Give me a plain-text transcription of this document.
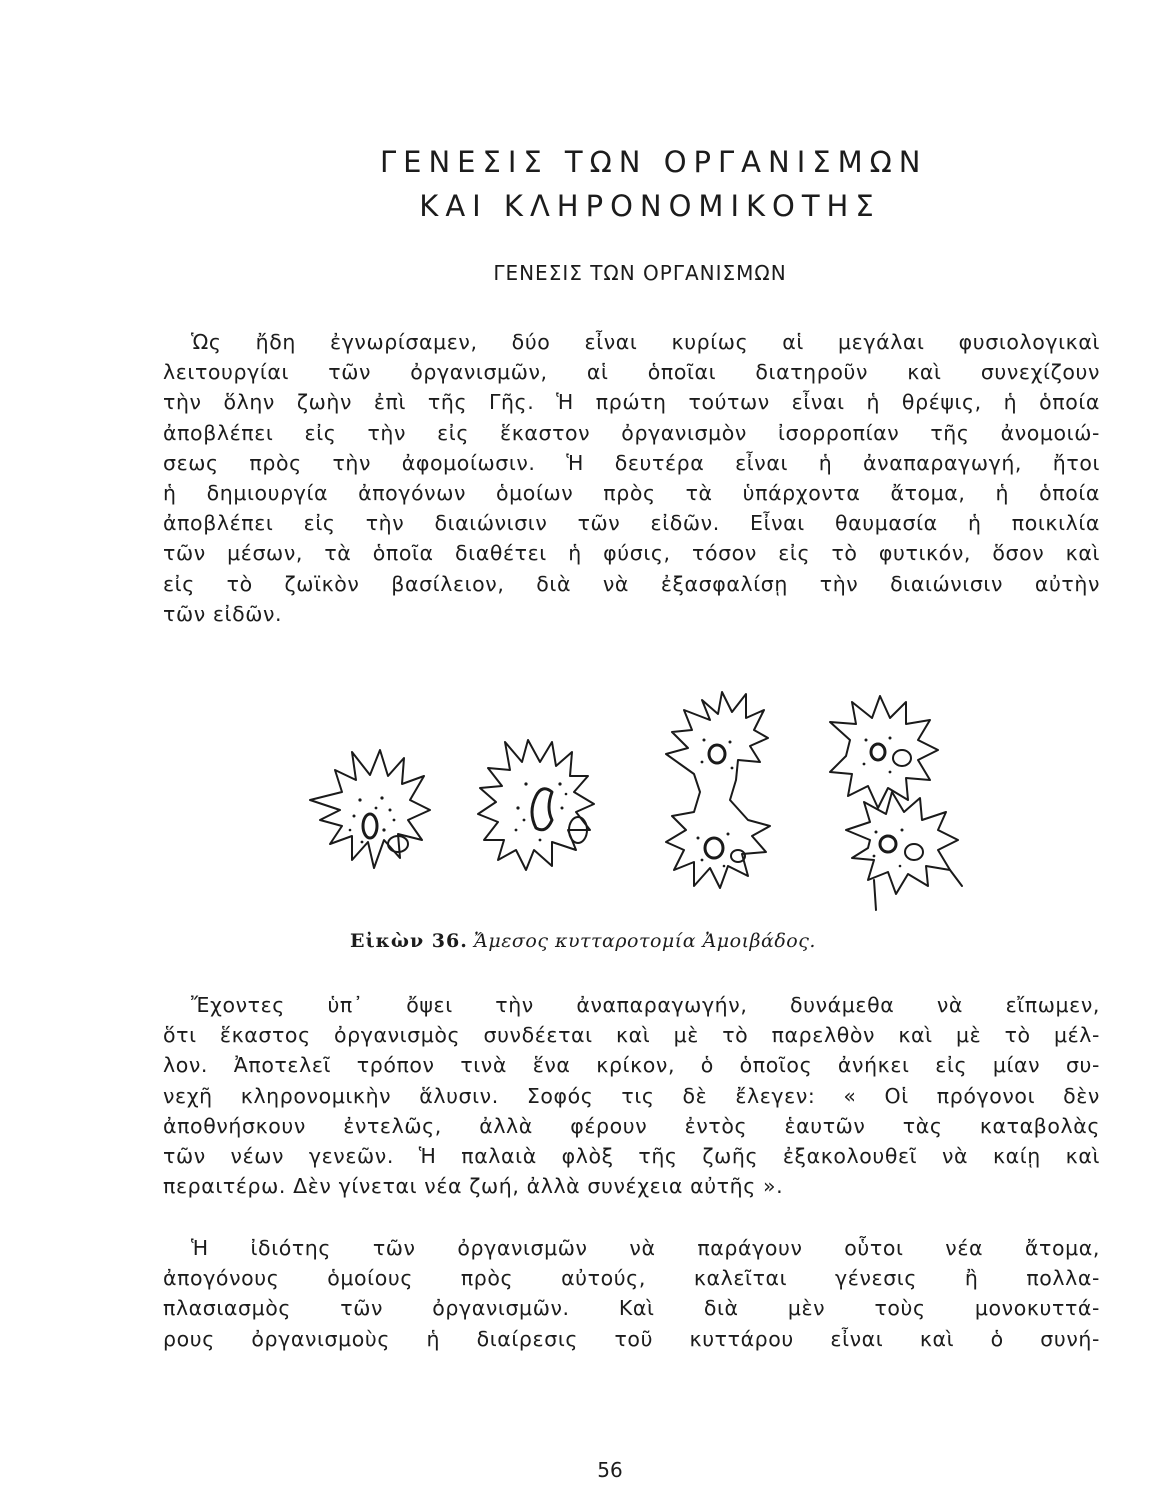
ΓΕΝΕΣΙΣ ΤΩΝ ΟΡΓΑΝΙΣΜΩΝ
ΚΑΙ ΚΛΗΡΟΝΟΜΙΚΟΤΗΣ
ΓΕΝΕΣΙΣ ΤΩΝ ΟΡΓΑΝΙΣΜΩΝ
Ὡς ἤδη ἐγνωρίσαμεν, δύο εἶναι κυρίως αἱ μεγάλαι φυσιολογικαὶ
λειτουργίαι τῶν ὀργανισμῶν, αἱ ὁποῖαι διατηροῦν καὶ συνεχίζουν
τὴν ὅλην ζωὴν ἐπὶ τῆς Γῆς. Ἡ πρώτη τούτων εἶναι ἡ θρέψις, ἡ ὁποία
ἀποβλέπει εἰς τὴν εἰς ἕκαστον ὀργανισμὸν ἰσορροπίαν τῆς ἀνομοιώ-
σεως πρὸς τὴν ἀφομοίωσιν. Ἡ δευτέρα εἶναι ἡ ἀναπαραγωγή, ἤτοι
ἡ δημιουργία ἀπογόνων ὁμοίων πρὸς τὰ ὑπάρχοντα ἄτομα, ἡ ὁποία
ἀποβλέπει εἰς τὴν διαιώνισιν τῶν εἰδῶν. Εἶναι θαυμασία ἡ ποικιλία
τῶν μέσων, τὰ ὁποῖα διαθέτει ἡ φύσις, τόσον εἰς τὸ φυτικόν, ὅσον καὶ
εἰς τὸ ζωϊκὸν βασίλειον, διὰ νὰ ἐξασφαλίσῃ τὴν διαιώνισιν αὐτὴν
τῶν εἰδῶν.
Εἰκὼν 36. Ἄμεσος κυτταροτομία Ἀμοιβάδος.
Ἔχοντες ὑπ᾽ ὄψει τὴν ἀναπαραγωγήν, δυνάμεθα νὰ εἴπωμεν,
ὅτι ἕκαστος ὀργανισμὸς συνδέεται καὶ μὲ τὸ παρελθὸν καὶ μὲ τὸ μέλ-
λον. Ἀποτελεῖ τρόπον τινὰ ἕνα κρίκον, ὁ ὁποῖος ἀνήκει εἰς μίαν συ-
νεχῆ κληρονομικὴν ἅλυσιν. Σοφός τις δὲ ἔλεγεν: « Οἱ πρόγονοι δὲν
ἀποθνήσκουν ἐντελῶς, ἀλλὰ φέρουν ἐντὸς ἑαυτῶν τὰς καταβολὰς
τῶν νέων γενεῶν. Ἡ παλαιὰ φλὸξ τῆς ζωῆς ἐξακολουθεῖ νὰ καίῃ καὶ
περαιτέρω. Δὲν γίνεται νέα ζωή, ἀλλὰ συνέχεια αὐτῆς ».
Ἡ ἰδιότης τῶν ὀργανισμῶν νὰ παράγουν οὗτοι νέα ἄτομα,
ἀπογόνους ὁμοίους πρὸς αὐτούς, καλεῖται γένεσις ἢ πολλα-
πλασιασμὸς τῶν ὀργανισμῶν. Καὶ διὰ μὲν τοὺς μονοκυττά-
ρους ὀργανισμοὺς ἡ διαίρεσις τοῦ κυττάρου εἶναι καὶ ὁ συνή-
56
